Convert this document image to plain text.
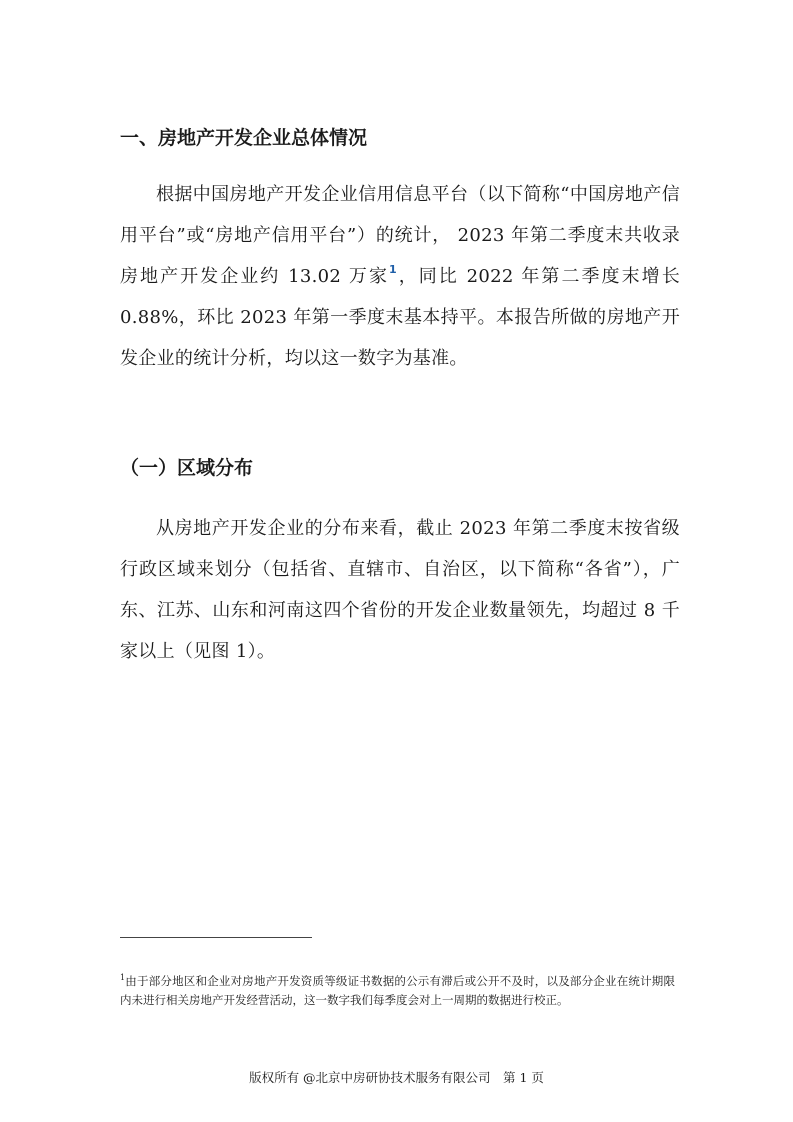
一、房地产开发企业总体情况

根据中国房地产开发企业信用信息平台（以下简称“中国房地产信用平台”或“房地产信用平台”）的统计， 2023 年第二季度末共收录房地产开发企业约 13.02 万家$^1$，同比 2022 年第二季度末增长 0.88%，环比 2023 年第一季度末基本持平。本报告所做的房地产开发企业的统计分析，均以这一数字为基准。

（一）区域分布

从房地产开发企业的分布来看，截止 2023 年第二季度末按省级行政区域来划分（包括省、直辖市、自治区，以下简称“各省”），广东、江苏、山东和河南这四个省份的开发企业数量领先，均超过 8 千家以上（见图 1）。

$^1$由于部分地区和企业对房地产开发资质等级证书数据的公示有滞后或公开不及时，以及部分企业在统计期限内未进行相关房地产开发经营活动，这一数字我们每季度会对上一周期的数据进行校正。

版权所有 @北京中房研协技术服务有限公司　第 1 页
